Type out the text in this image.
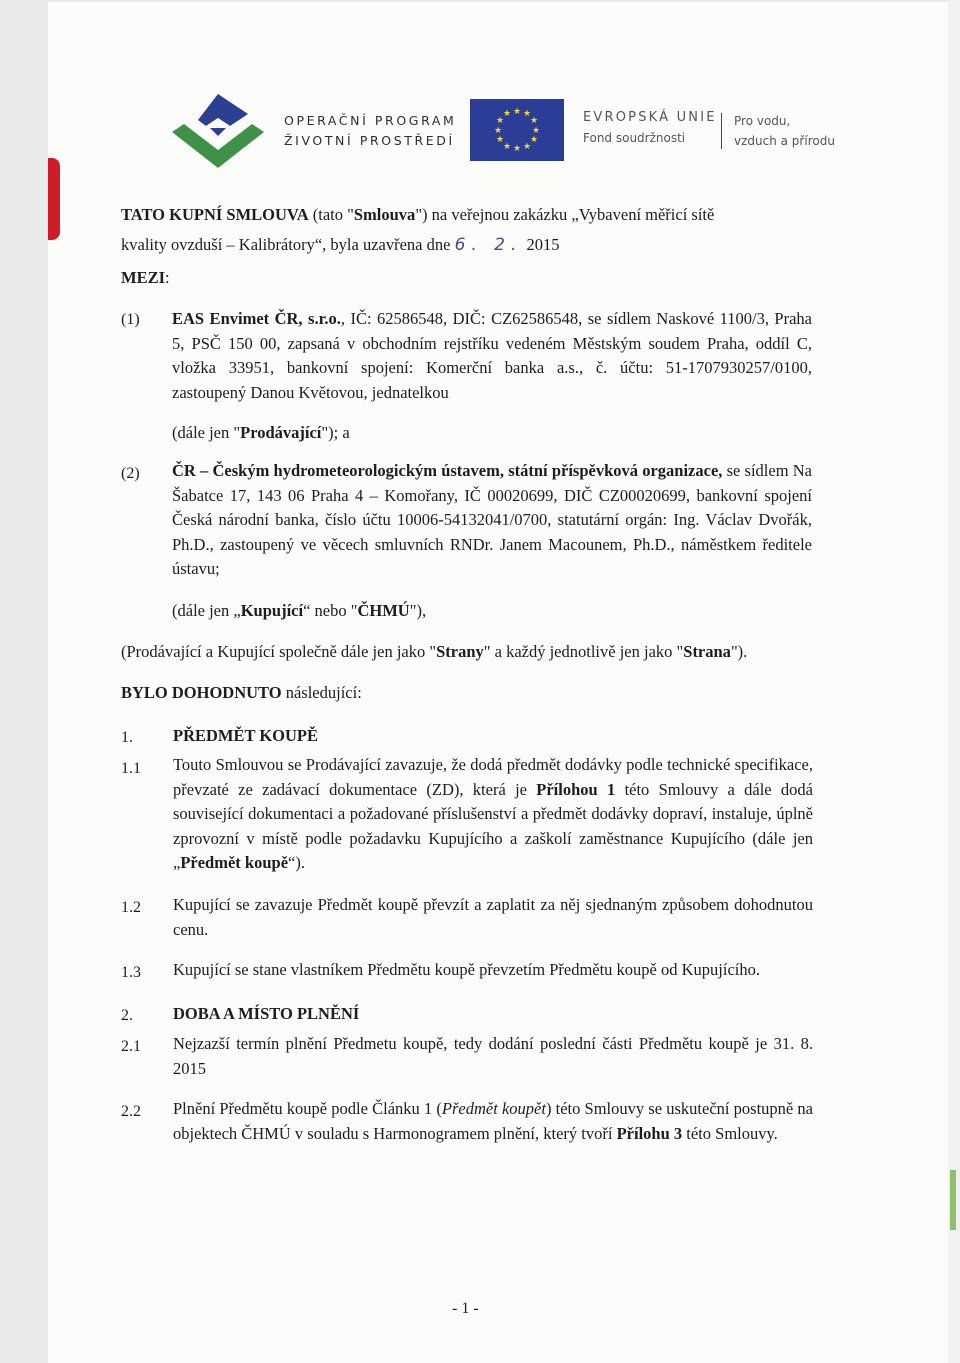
OPERAČNÍ PROGRAM
ŽIVOTNÍ PROSTŘEDÍ
★ ★
★
★
★
★
★
★
★
★
★
★	EVROPSKÁ UNIE
Fond soudržnosti
Pro vodu,
vzduch a přírodu
TATO KUPNÍ SMLOUVA (tato "Smlouva") na veřejnou zakázku „Vybavení měřicí sítě
kvality ovzduší – Kalibrátory“, byla uzavřena dne 6. 2. 2015
MEZI:
(1) EAS Envimet ČR, s.r.o., IČ: 62586548, DIČ: CZ62586548, se sídlem Naskové 1100/3, Praha 5, PSČ 150 00, zapsaná v obchodním rejstříku vedeném Městským soudem Praha, oddíl C, vložka 33951, bankovní spojení: Komerční banka a.s., č. účtu: 51-1707930257/0100, zastoupený Danou Květovou, jednatelkou
(dále jen "Prodávající"); a
(2) ČR – Českým hydrometeorologickým ústavem, státní příspěvková organizace, se sídlem Na Šabatce 17, 143 06 Praha 4 – Komořany, IČ 00020699, DIČ CZ00020699, bankovní spojení Česká národní banka, číslo účtu 10006-54132041/0700, statutární orgán: Ing. Václav Dvořák, Ph.D., zastoupený ve věcech smluvních RNDr. Janem Macounem, Ph.D., náměstkem ředitele ústavu;
(dále jen „Kupující“ nebo "ČHMÚ"),
(Prodávající a Kupující společně dále jen jako "Strany" a každý jednotlivě jen jako "Strana").
BYLO DOHODNUTO následující:
1. PŘEDMĚT KOUPĚ
1.1 Touto Smlouvou se Prodávající zavazuje, že dodá předmět dodávky podle technické specifikace, převzaté ze zadávací dokumentace (ZD), která je Přílohou 1 této Smlouvy a dále dodá související dokumentaci a požadované příslušenství a předmět dodávky dopraví, instaluje, úplně zprovozní v místě podle požadavku Kupujícího a zaškolí zaměstnance Kupujícího (dále jen „Předmět koupě“).
1.2 Kupující se zavazuje Předmět koupě převzít a zaplatit za něj sjednaným způsobem dohodnutou cenu.
1.3 Kupující se stane vlastníkem Předmětu koupě převzetím Předmětu koupě od Kupujícího.
2. DOBA A MÍSTO PLNĚNÍ
2.1 Nejzazší termín plnění Předmetu koupě, tedy dodání poslední části Předmětu koupě je 31. 8. 2015
2.2 Plnění Předmětu koupě podle Článku 1 (Předmět koupět) této Smlouvy se uskuteční postupně na objektech ČHMÚ v souladu s Harmonogramem plnění, který tvoří Přílohu 3 této Smlouvy.
- 1 -
